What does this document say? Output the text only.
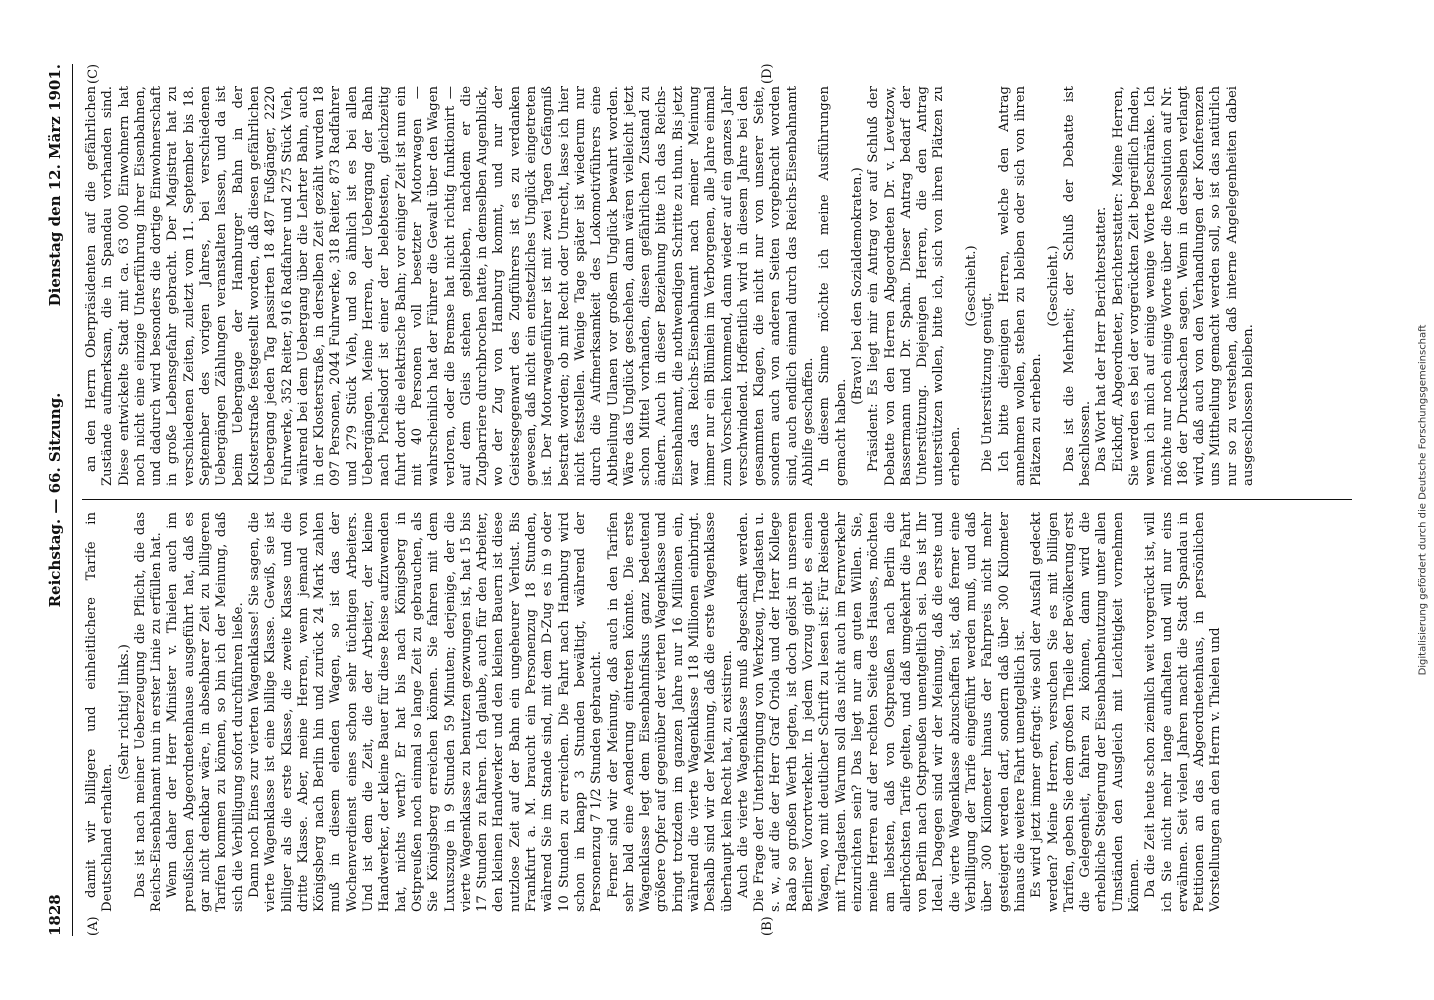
1828
Reichstag. — 66. Sitzung.
Dienstag den 12. März 1901.
(A)	(B)
(C)	(D)

damit wir billigere und einheitlichere Tarife in Deutschland erhalten.

(Sehr richtig! links.) Das ist nach meiner Ueberzeugung die Pflicht, die das Reichs-Eisenbahnamt nun in erster Linie zu erfüllen hat. Wenn daher der Herr Minister v. Thielen auch im preußischen Abgeordnetenhause ausgeführt hat, daß es gar nicht denkbar wäre, in absehbarer Zeit zu billigeren Tarifen kommen zu können, so bin ich der Meinung, daß sich die Verbilligung sofort durchführen ließe. Dann noch Eines zur vierten Wagenklasse! Sie sagen, die vierte Wagenklasse ist eine billige Klasse. Gewiß, sie ist billiger als die erste Klasse, die zweite Klasse und die dritte Klasse. Aber, meine Herren, wenn jemand von Königsberg nach Berlin hin und zurück 24 Mark zahlen muß in diesem elenden Wagen, so ist das der Wochenverdienst eines schon sehr tüchtigen Arbeiters. Und ist dem die Zeit, die der Arbeiter, der kleine Handwerker, der kleine Bauer für diese Reise aufzuwenden hat, nichts werth? Er hat bis nach Königsberg in Ostpreußen noch einmal so lange Zeit zu gebrauchen, als Sie Königsberg erreichen können. Sie fahren mit dem Luxuszuge in 9 Stunden 59 Minuten; derjenige, der die vierte Wagenklasse zu benutzen gezwungen ist, hat 15 bis 17 Stunden zu fahren. Ich glaube, auch für den Arbeiter, den kleinen Handwerker und den kleinen Bauern ist diese nutzlose Zeit auf der Bahn ein ungeheurer Verlust. Bis Frankfurt a. M. braucht ein Personenzug 18 Stunden, während Sie im Stande sind, mit dem D-Zug es in 9 oder 10 Stunden zu erreichen. Die Fahrt nach Hamburg wird schon in knapp 3 Stunden bewältigt, während der Personenzug 7 1/2 Stunden gebraucht. Ferner sind wir der Meinung, daß auch in den Tarifen sehr bald eine Aenderung eintreten könnte. Die erste Wagenklasse legt dem Eisenbahnfiskus ganz bedeutend größere Opfer auf gegenüber der vierten Wagenklasse und bringt trotzdem im ganzen Jahre nur 16 Millionen ein, während die vierte Wagenklasse 118 Millionen einbringt. Deshalb sind wir der Meinung, daß die erste Wagenklasse überhaupt kein Recht hat, zu existiren. Auch die vierte Wagenklasse muß abgeschafft werden. Die Frage der Unterbringung von Werkzeug, Traglasten u. s. w., auf die der Herr Graf Oriola und der Herr Kollege Raab so großen Werth legten, ist doch gelöst in unserem Berliner Vorortverkehr. In jedem Vorzug giebt es einen Wagen, wo mit deutlicher Schrift zu lesen ist: Für Reisende mit Traglasten. Warum soll das nicht auch im Fernverkehr einzurichten sein? Das liegt nur am guten Willen. Sie, meine Herren auf der rechten Seite des Hauses, möchten am liebsten, daß von Ostpreußen nach Berlin die allerhöchsten Tarife gelten, und daß umgekehrt die Fahrt von Berlin nach Ostpreußen unentgeltlich sei. Das ist Ihr Ideal. Dagegen sind wir der Meinung, daß die erste und die vierte Wagenklasse abzuschaffen ist, daß ferner eine Verbilligung der Tarife eingeführt werden muß, und daß über 300 Kilometer hinaus der Fahrpreis nicht mehr gesteigert werden darf, sondern daß über 300 Kilometer hinaus die weitere Fahrt unentgeltlich ist. Es wird jetzt immer gefragt: wie soll der Ausfall gedeckt werden? Meine Herren, versuchen Sie es mit billigen Tarifen, geben Sie dem großen Theile der Bevölkerung erst die Gelegenheit, fahren zu können, dann wird die erhebliche Steigerung der Eisenbahnbenutzung unter allen Umständen den Ausgleich mit Leichtigkeit vornehmen können. Da die Zeit heute schon ziemlich weit vorgerückt ist, will ich Sie nicht mehr lange aufhalten und will nur eins erwähnen. Seit vielen Jahren macht die Stadt Spandau in Petitionen an das Abgeordnetenhaus, in persönlichen Vorstellungen an den Herrn v. Thielen und

an den Herrn Oberpräsidenten auf die gefährlichen Zustände aufmerksam, die in Spandau vorhanden sind. Diese entwickelte Stadt mit ca. 63 000 Einwohnern hat noch nicht eine einzige Unterführung ihrer Eisenbahnen, und dadurch wird besonders die dortige Einwohnerschaft in große Lebensgefahr gebracht. Der Magistrat hat zu verschiedenen Zeiten, zuletzt vom 11. September bis 18. September des vorigen Jahres, bei verschiedenen Uebergängen Zählungen veranstalten lassen, und da ist beim Uebergange der Hamburger Bahn in der Klosterstraße festgestellt worden, daß diesen gefährlichen Uebergang jeden Tag passirten 18 487 Fußgänger, 2220 Fuhrwerke, 352 Reiter, 916 Radfahrer und 275 Stück Vieh, während bei dem Uebergang über die Lehrter Bahn, auch in der Klosterstraße, in derselben Zeit gezählt wurden 18 097 Personen, 2044 Fuhrwerke, 318 Reiter, 873 Radfahrer und 279 Stück Vieh, und so ähnlich ist es bei allen Uebergängen. Meine Herren, der Uebergang der Bahn nach Pichelsdorf ist einer der belebtesten, gleichzeitig fuhrt dort die elektrische Bahn; vor einiger Zeit ist nun ein mit 40 Personen voll besetzter Motorwagen — wahrscheinlich hat der Führer die Gewalt über den Wagen verloren, oder die Bremse hat nicht richtig funktionirt — auf dem Gleis stehen geblieben, nachdem er die Zugbarriere durchbrochen hatte, in demselben Augenblick, wo der Zug von Hamburg kommt, und nur der Geistesgegenwart des Zugführers ist es zu verdanken gewesen, daß nicht ein entsetzliches Unglück eingetreten ist. Der Motorwagenführer ist mit zwei Tagen Gefängniß bestraft worden; ob mit Recht oder Unrecht, lasse ich hier nicht feststellen. Wenige Tage später ist wiederum nur durch die Aufmerksamkeit des Lokomotivführers eine Abtheilung Ulanen vor großem Unglück bewahrt worden. Wäre das Unglück geschehen, dann wären vielleicht jetzt schon Mittel vorhanden, diesen gefährlichen Zustand zu ändern. Auch in dieser Beziehung bitte ich das Reichs-Eisenbahnamt, die nothwendigen Schritte zu thun. Bis jetzt war das Reichs-Eisenbahnamt nach meiner Meinung immer nur ein Blümlein im Verborgenen, alle Jahre einmal zum Vorschein kommend, dann wieder auf ein ganzes Jahr verschwindend. Hoffentlich wird in diesem Jahre bei den gesammten Klagen, die nicht nur von unserer Seite, sondern auch von anderen Seiten vorgebracht worden sind, auch endlich einmal durch das Reichs-Eisenbahnamt Abhilfe geschaffen. In diesem Sinne möchte ich meine Ausführungen gemacht haben.

(Bravo! bei den Sozialdemokraten.) Präsident: Es liegt mir ein Antrag vor auf Schluß der Debatte von den Herren Abgeordneten Dr. v. Levetzow, Bassermann und Dr. Spahn. Dieser Antrag bedarf der Unterstützung. Diejenigen Herren, die den Antrag unterstützen wollen, bitte ich, sich von ihren Plätzen zu erheben.

(Geschieht.)

Die Unterstützung genügt. Ich bitte diejenigen Herren, welche den Antrag annehmen wollen, stehen zu bleiben oder sich von ihren Plätzen zu erheben.

(Geschieht.) Das ist die Mehrheit; der Schluß der Debatte ist beschlossen. Das Wort hat der Herr Berichterstatter. Eickhoff, Abgeordneter, Berichterstatter: Meine Herren, Sie werden es bei der vorgerückten Zeit begreiflich finden, wenn ich mich auf einige wenige Worte beschränke. Ich möchte nur noch einige Worte über die Resolution auf Nr. 186 der Drucksachen sagen. Wenn in derselben verlangt wird, daß auch von den Verhandlungen der Konferenzen uns Mittheilung gemacht werden soll, so ist das natürlich nur so zu verstehen, daß interne Angelegenheiten dabei ausgeschlossen bleiben.	Digitalisierung gefördert durch die Deutsche Forschungsgemeinschaft
